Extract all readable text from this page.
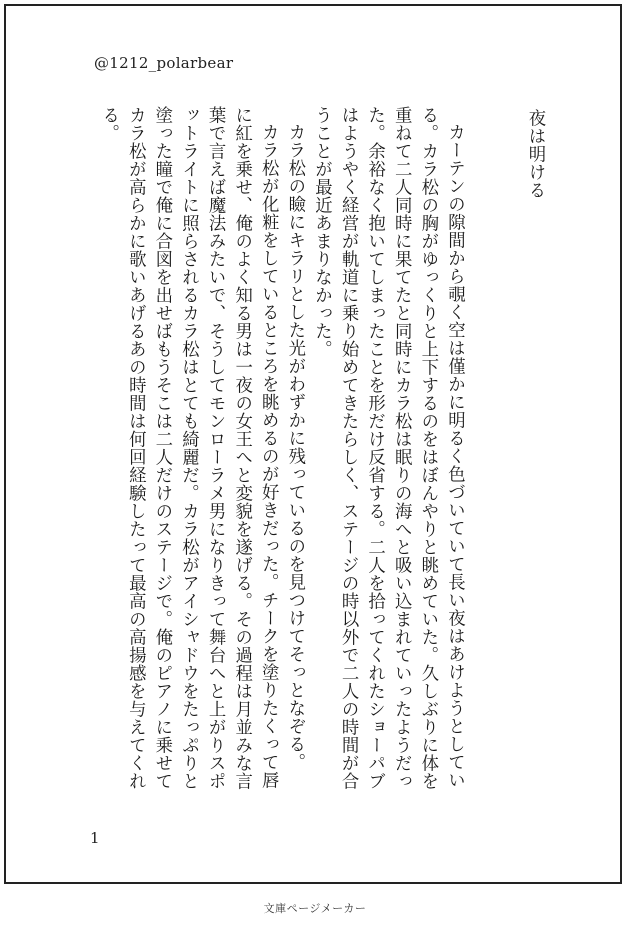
@1212_polarbear
夜は明ける

カーテンの隙間から覗く空は僅かに明るく色づいていて長い夜はあけようとしている。カラ松の胸がゆっくりと上下するのをはぼんやりと眺めていた。久しぶりに体を重ねて二人同時に果てたと同時にカラ松は眠りの海へと吸い込まれていったようだった。余裕なく抱いてしまったことを形だけ反省する。二人を拾ってくれたショーパブはようやく経営が軌道に乗り始めてきたらしく、ステージの時以外で二人の時間が合うことが最近あまりなかった。

カラ松の瞼にキラリとした光がわずかに残っているのを見つけてそっとなぞる。

カラ松が化粧をしているところを眺めるのが好きだった。チークを塗りたくって唇に紅を乗せ、俺のよく知る男は一夜の女王へと変貌を遂げる。その過程は月並みな言葉で言えば魔法みたいで、そうしてモンローラメ男になりきって舞台へと上がりスポットライトに照らされるカラ松はとても綺麗だ。カラ松がアイシャドウをたっぷりと塗った瞳で俺に合図を出せばもうそこは二人だけのステージで。俺のピアノに乗せてカラ松が高らかに歌いあげるあの時間は何回経験したって最高の高揚感を与えてくれる。

1
文庫ページメーカー
